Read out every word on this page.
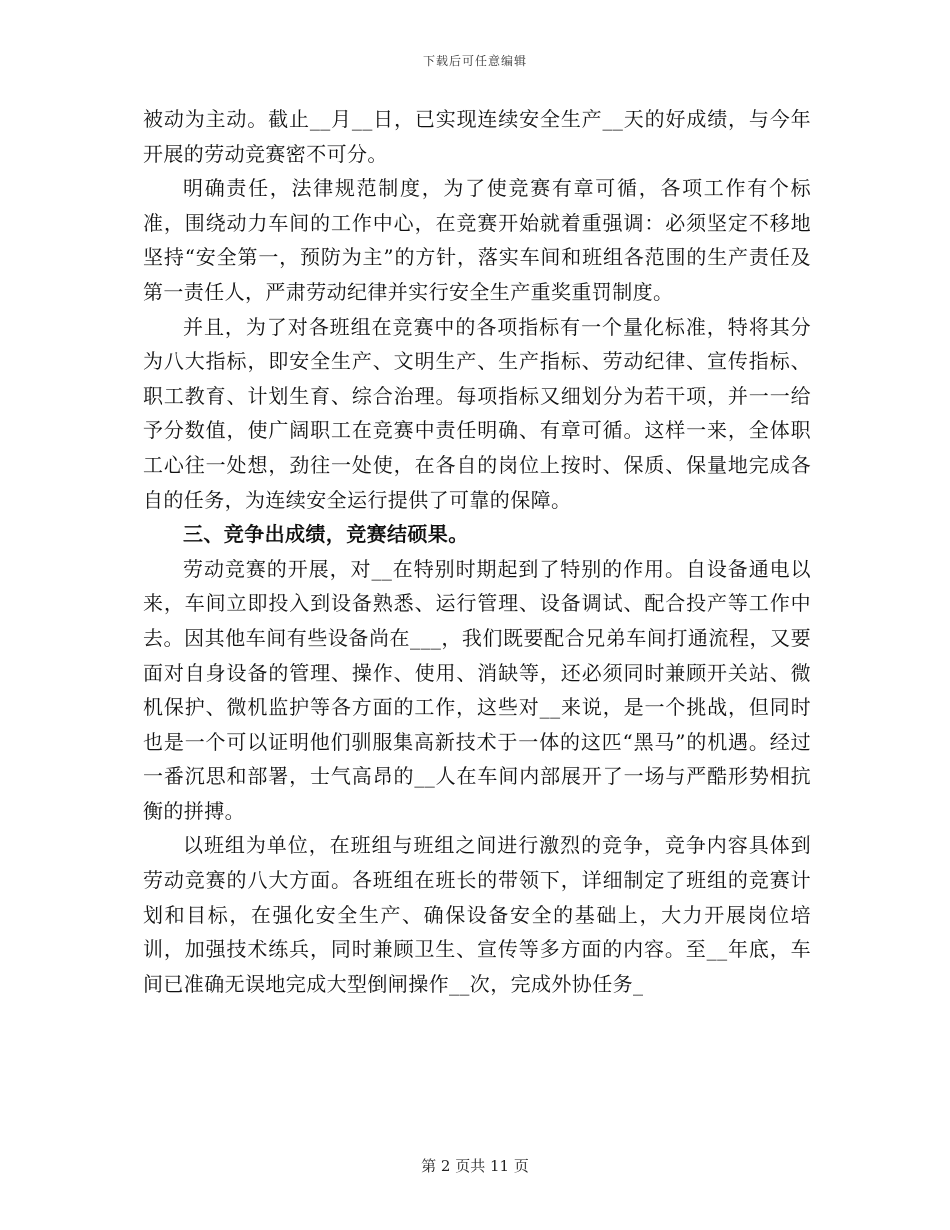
下载后可任意编辑

被动为主动。截止__月__日，已实现连续安全生产__天的好成绩，与今年开展的劳动竞赛密不可分。

明确责任，法律规范制度，为了使竞赛有章可循，各项工作有个标准，围绕动力车间的工作中心，在竞赛开始就着重强调：必须坚定不移地坚持“安全第一，预防为主”的方针，落实车间和班组各范围的生产责任及第一责任人，严肃劳动纪律并实行安全生产重奖重罚制度。

并且，为了对各班组在竞赛中的各项指标有一个量化标准，特将其分为八大指标，即安全生产、文明生产、生产指标、劳动纪律、宣传指标、职工教育、计划生育、综合治理。每项指标又细划分为若干项，并一一给予分数值，使广阔职工在竞赛中责任明确、有章可循。这样一来，全体职工心往一处想，劲往一处使，在各自的岗位上按时、保质、保量地完成各自的任务，为连续安全运行提供了可靠的保障。

三、竞争出成绩，竞赛结硕果。

劳动竞赛的开展，对__在特别时期起到了特别的作用。自设备通电以来，车间立即投入到设备熟悉、运行管理、设备调试、配合投产等工作中去。因其他车间有些设备尚在___，我们既要配合兄弟车间打通流程，又要面对自身设备的管理、操作、使用、消缺等，还必须同时兼顾开关站、微机保护、微机监护等各方面的工作，这些对__来说，是一个挑战，但同时也是一个可以证明他们驯服集高新技术于一体的这匹“黑马”的机遇。经过一番沉思和部署，士气高昂的__人在车间内部展开了一场与严酷形势相抗衡的拼搏。

以班组为单位，在班组与班组之间进行激烈的竞争，竞争内容具体到劳动竞赛的八大方面。各班组在班长的带领下，详细制定了班组的竞赛计划和目标，在强化安全生产、确保设备安全的基础上，大力开展岗位培训，加强技术练兵，同时兼顾卫生、宣传等多方面的内容。至__年底，车间已准确无误地完成大型倒闸操作__次，完成外协任务_

第 2 页共 11 页
